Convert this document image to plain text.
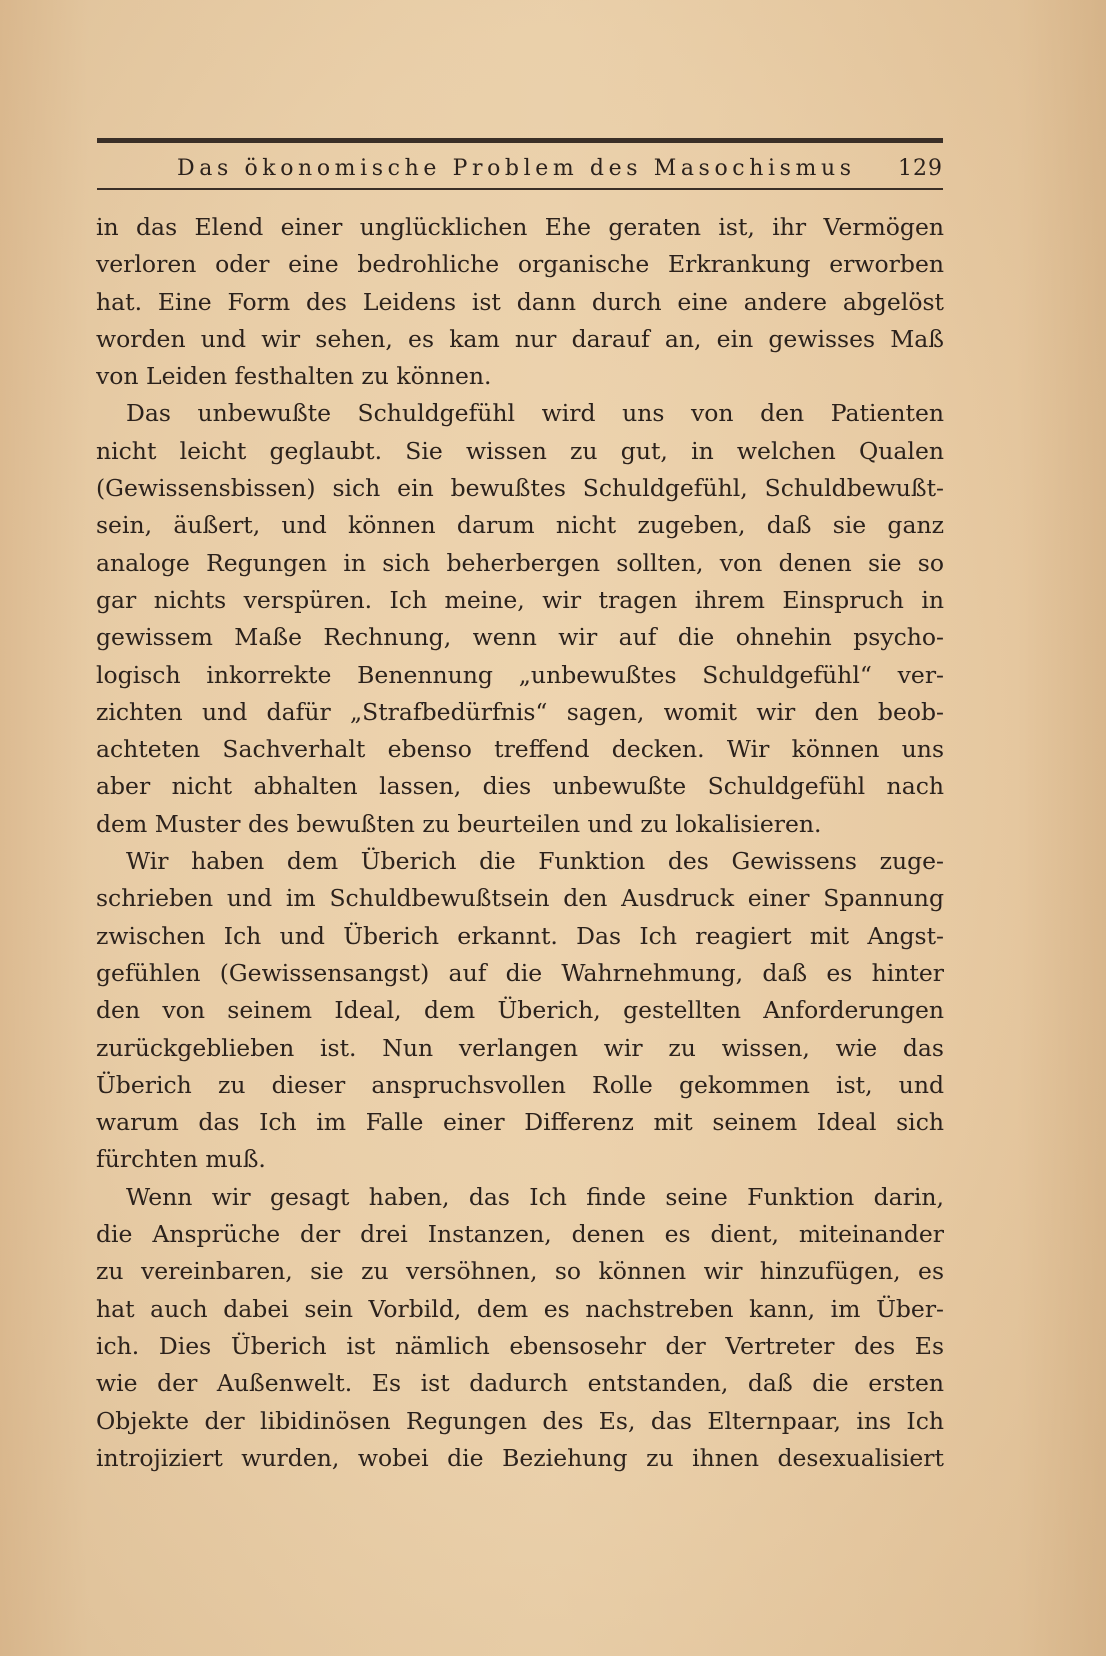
Das ökonomische Problem des Masochismus 129
in das Elend einer unglücklichen Ehe geraten ist, ihr Vermögen
verloren oder eine bedrohliche organische Erkrankung erworben
hat. Eine Form des Leidens ist dann durch eine andere abgelöst
worden und wir sehen, es kam nur darauf an, ein gewisses Maß
von Leiden festhalten zu können.
Das unbewußte Schuldgefühl wird uns von den Patienten
nicht leicht geglaubt. Sie wissen zu gut, in welchen Qualen
(Gewissensbissen) sich ein bewußtes Schuldgefühl, Schuldbewußt-
sein, äußert, und können darum nicht zugeben, daß sie ganz
analoge Regungen in sich beherbergen sollten, von denen sie so
gar nichts verspüren. Ich meine, wir tragen ihrem Einspruch in
gewissem Maße Rechnung, wenn wir auf die ohnehin psycho-
logisch inkorrekte Benennung „unbewußtes Schuldgefühl“ ver-
zichten und dafür „Strafbedürfnis“ sagen, womit wir den beob-
achteten Sachverhalt ebenso treffend decken. Wir können uns
aber nicht abhalten lassen, dies unbewußte Schuldgefühl nach
dem Muster des bewußten zu beurteilen und zu lokalisieren.
Wir haben dem Überich die Funktion des Gewissens zuge-
schrieben und im Schuldbewußtsein den Ausdruck einer Spannung
zwischen Ich und Überich erkannt. Das Ich reagiert mit Angst-
gefühlen (Gewissensangst) auf die Wahrnehmung, daß es hinter
den von seinem Ideal, dem Überich, gestellten Anforderungen
zurückgeblieben ist. Nun verlangen wir zu wissen, wie das
Überich zu dieser anspruchsvollen Rolle gekommen ist, und
warum das Ich im Falle einer Differenz mit seinem Ideal sich
fürchten muß.
Wenn wir gesagt haben, das Ich finde seine Funktion darin,
die Ansprüche der drei Instanzen, denen es dient, miteinander
zu vereinbaren, sie zu versöhnen, so können wir hinzufügen, es
hat auch dabei sein Vorbild, dem es nachstreben kann, im Über-
ich. Dies Überich ist nämlich ebensosehr der Vertreter des Es
wie der Außenwelt. Es ist dadurch entstanden, daß die ersten
Objekte der libidinösen Regungen des Es, das Elternpaar, ins Ich
introjiziert wurden, wobei die Beziehung zu ihnen desexualisiert
